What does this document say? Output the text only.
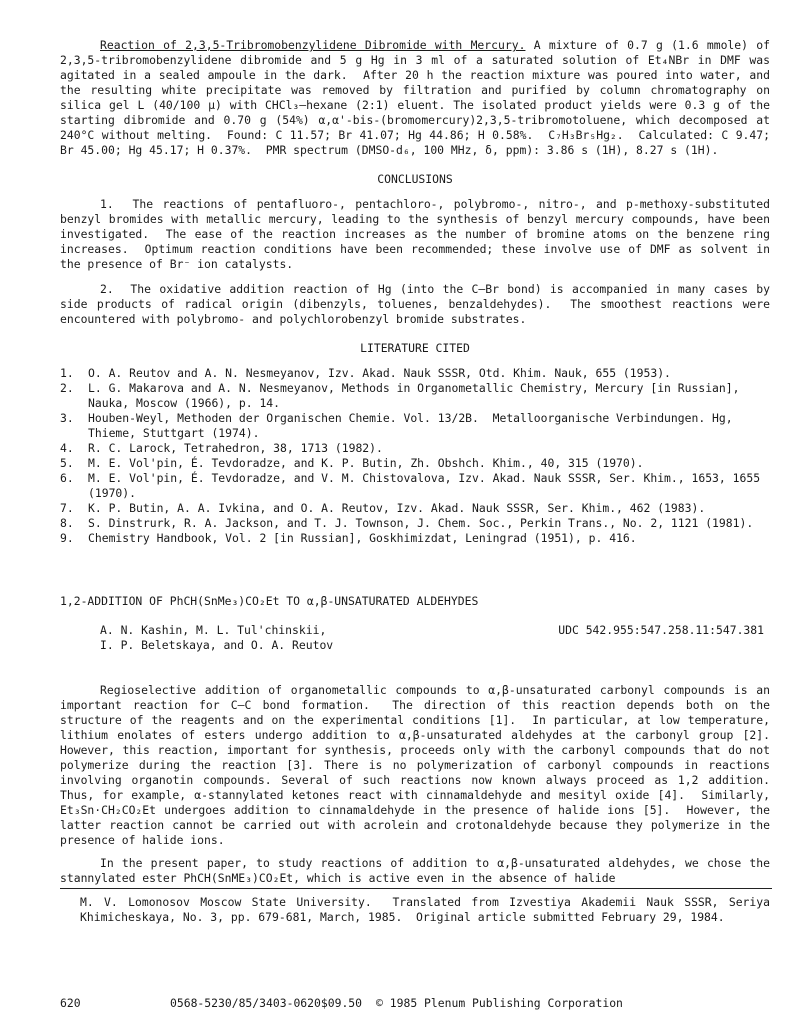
Reaction of 2,3,5-Tribromobenzylidene Dibromide with Mercury. A mixture of 0.7 g (1.6 mmole) of 2,3,5-tribromobenzylidene dibromide and 5 g Hg in 3 ml of a saturated solution of Et₄NBr in DMF was agitated in a sealed ampoule in the dark.  After 20 h the reaction mixture was poured into water, and the resulting white precipitate was removed by filtration and purified by column chromatography on silica gel L (40/100 μ) with CHCl₃–hexane (2:1) eluent. The isolated product yields were 0.3 g of the starting dibromide and 0.70 g (54%) α,α'-bis-(bromomercury)2,3,5-tribromotoluene, which decomposed at 240°C without melting.  Found: C 11.57; Br 41.07; Hg 44.86; H 0.58%.  C₇H₃Br₅Hg₂.  Calculated: C 9.47; Br 45.00; Hg 45.17; H 0.37%.  PMR spectrum (DMSO-d₆, 100 MHz, δ, ppm): 3.86 s (1H), 8.27 s (1H).

CONCLUSIONS

1.  The reactions of pentafluoro-, pentachloro-, polybromo-, nitro-, and p-methoxy-substituted benzyl bromides with metallic mercury, leading to the synthesis of benzyl mercury compounds, have been investigated.  The ease of the reaction increases as the number of bromine atoms on the benzene ring increases.  Optimum reaction conditions have been recommended; these involve use of DMF as solvent in the presence of Br⁻ ion catalysts.

2.  The oxidative addition reaction of Hg (into the C–Br bond) is accompanied in many cases by side products of radical origin (dibenzyls, toluenes, benzaldehydes).  The smoothest reactions were encountered with polybromo- and polychlorobenzyl bromide substrates.

LITERATURE CITED
1.	O. A. Reutov and A. N. Nesmeyanov, Izv. Akad. Nauk SSSR, Otd. Khim. Nauk, 655 (1953).
2.	L. G. Makarova and A. N. Nesmeyanov, Methods in Organometallic Chemistry, Mercury [in Russian], Nauka, Moscow (1966), p. 14.
3.	Houben-Weyl, Methoden der Organischen Chemie. Vol. 13/2B.  Metalloorganische Verbindungen. Hg, Thieme, Stuttgart (1974).
4.	R. C. Larock, Tetrahedron, 38, 1713 (1982).
5.	M. E. Vol'pin, É. Tevdoradze, and K. P. Butin, Zh. Obshch. Khim., 40, 315 (1970).
6.	M. E. Vol'pin, É. Tevdoradze, and V. M. Chistovalova, Izv. Akad. Nauk SSSR, Ser. Khim., 1653, 1655 (1970).
7.	K. P. Butin, A. A. Ivkina, and O. A. Reutov, Izv. Akad. Nauk SSSR, Ser. Khim., 462 (1983).
8.	S. Dinstrurk, R. A. Jackson, and T. J. Townson, J. Chem. Soc., Perkin Trans., No. 2, 1121 (1981).
9.	Chemistry Handbook, Vol. 2 [in Russian], Goskhimizdat, Leningrad (1951), p. 416.

1,2-ADDITION OF PhCH(SnMe₃)CO₂Et TO α,β-UNSATURATED ALDEHYDES

A. N. Kashin, M. L. Tul'chinskii,
I. P. Beletskaya, and O. A. Reutov

UDC 542.955:547.258.11:547.381

Regioselective addition of organometallic compounds to α,β-unsaturated carbonyl compounds is an important reaction for C–C bond formation.  The direction of this reaction depends both on the structure of the reagents and on the experimental conditions [1].  In particular, at low temperature, lithium enolates of esters undergo addition to α,β-unsaturated aldehydes at the carbonyl group [2].  However, this reaction, important for synthesis, proceeds only with the carbonyl compounds that do not polymerize during the reaction [3]. There is no polymerization of carbonyl compounds in reactions involving organotin compounds. Several of such reactions now known always proceed as 1,2 addition.  Thus, for example, α-stannylated ketones react with cinnamaldehyde and mesityl oxide [4].  Similarly, Et₃Sn·CH₂CO₂Et undergoes addition to cinnamaldehyde in the presence of halide ions [5].  However, the latter reaction cannot be carried out with acrolein and crotonaldehyde because they polymerize in the presence of halide ions.

In the present paper, to study reactions of addition to α,β-unsaturated aldehydes, we chose the stannylated ester PhCH(SnME₃)CO₂Et, which is active even in the absence of halide

M. V. Lomonosov Moscow State University.  Translated from Izvestiya Akademii Nauk SSSR, Seriya Khimicheskaya, No. 3, pp. 679-681, March, 1985.  Original article submitted February 29, 1984.

620	0568-5230/85/3403-0620$09.50 © 1985 Plenum Publishing Corporation
